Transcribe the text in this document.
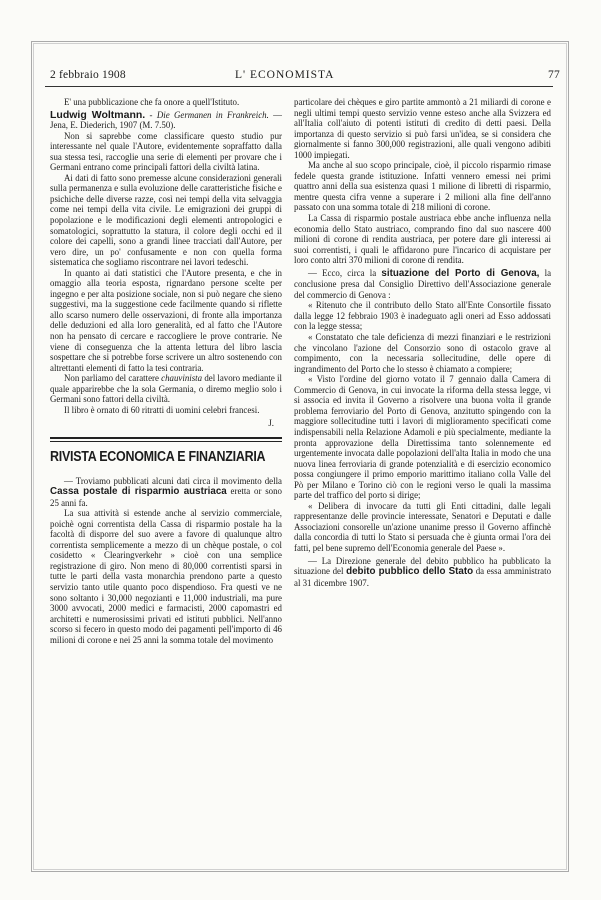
2 febbraio 1908	L' ECONOMISTA	77

E' una pubblicazione che fa onore a quell'Istituto.

Ludwig Woltmann. - Die Germanen in Frankreich. — Jena, E. Diederich, 1907 (M. 7.50).

Non si saprebbe come classificare questo studio pur interessante nel quale l'Autore, evidentemente sopraffatto dalla sua stessa tesi, raccoglie una serie di elementi per provare che i Germani entrano come principali fattori della civiltà latina.

Ai dati di fatto sono premesse alcune considerazioni generali sulla permanenza e sulla evoluzione delle caratteristiche fisiche e psichiche delle diverse razze, così nei tempi della vita selvaggia come nei tempi della vita civile. Le emigrazioni dei gruppi di popolazione e le modificazioni degli elementi antropologici e somatologici, soprattutto la statura, il colore degli occhi ed il colore dei capelli, sono a grandi linee tracciati dall'Autore, per vero dire, un po' confusamente e non con quella forma sistematica che sogliamo riscontrare nei lavori tedeschi.

In quanto ai dati statistici che l'Autore presenta, e che in omaggio alla teoria esposta, rignardano persone scelte per ingegno e per alta posizione sociale, non si può negare che sieno suggestivi, ma la suggestione cede facilmente quando si riflette allo scarso numero delle osservazioni, di fronte alla importanza delle deduzioni ed alla loro generalità, ed al fatto che l'Autore non ha pensato di cercare e raccogliere le prove contrarie. Ne viene di conseguenza che la attenta lettura del libro lascia sospettare che si potrebbe forse scrivere un altro sostenendo con altrettanti elementi di fatto la tesi contraria.

Non parliamo del carattere chauvinista del lavoro mediante il quale apparirebbe che la sola Germania, o diremo meglio solo i Germani sono fattori della civiltà.

Il libro è ornato di 60 ritratti di uomini celebri francesi.

J.

RIVISTA ECONOMICA E FINANZIARIA

— Troviamo pubblicati alcuni dati circa il movimento della Cassa postale di risparmio austriaca eretta or sono 25 anni fa.

La sua attività si estende anche al servizio commerciale, poichè ogni correntista della Cassa di risparmio postale ha la facoltà di disporre del suo avere a favore di qualunque altro correntista semplicemente a mezzo di un chèque postale, o col cosidetto « Clearingverkehr » cioè con una semplice registrazione di giro. Non meno di 80,000 correntisti sparsi in tutte le parti della vasta monarchia prendono parte a questo servizio tanto utile quanto poco dispendioso. Fra questi ve ne sono soltanto i 30,000 negozianti e 11,000 industriali, ma pure 3000 avvocati, 2000 medici e farmacisti, 2000 capomastri ed architetti e numerosissimi privati ed istituti pubblici. Nell'anno scorso si fecero in questo modo dei pagamenti pell'importo di 46 milioni di corone e nei 25 anni la somma totale del movimento

particolare dei chèques e giro partite ammontò a 21 miliardi di corone e negli ultimi tempi questo servizio venne esteso anche alla Svizzera ed all'Italia coll'aiuto di potenti istituti di credito di detti paesi. Della importanza di questo servizio si può farsi un'idea, se si considera che giornalmente si fanno 300,000 registrazioni, alle quali vengono adibiti 1000 impiegati.

Ma anche al suo scopo principale, cioè, il piccolo risparmio rimase fedele questa grande istituzione. Infatti vennero emessi nei primi quattro anni della sua esistenza quasi 1 milione di libretti di risparmio, mentre questa cifra venne a superare i 2 milioni alla fine dell'anno passato con una somma totale di 218 milioni di corone.

La Cassa di risparmio postale austriaca ebbe anche influenza nella economia dello Stato austriaco, comprando fino dal suo nascere 400 milioni di corone di rendita austriaca, per potere dare gli interessi ai suoi correntisti, i quali le affidarono pure l'incarico di acquistare per loro conto altri 370 milioni di corone di rendita.

— Ecco, circa la situazione del Porto di Genova, la conclusione presa dal Consiglio Direttivo dell'Associazione generale del commercio di Genova :

« Ritenuto che il contributo dello Stato all'Ente Consortile fissato dalla legge 12 febbraio 1903 è inadeguato agli oneri ad Esso addossati con la legge stessa;

« Constatato che tale deficienza di mezzi finanziari e le restrizioni che vincolano l'azione del Consorzio sono di ostacolo grave al compimento, con la necessaria sollecitudine, delle opere di ingrandimento del Porto che lo stesso è chiamato a compiere;

« Visto l'ordine del giorno votato il 7 gennaio dalla Camera di Commercio di Genova, in cui invocate la riforma della stessa legge, vi si associa ed invita il Governo a risolvere una buona volta il grande problema ferroviario del Porto di Genova, anzitutto spingendo con la maggiore sollecitudine tutti i lavori di miglioramento specificati come indispensabili nella Relazione Adamoli e più specialmente, mediante la pronta approvazione della Direttissima tanto solennemente ed urgentemente invocata dalle popolazioni dell'alta Italia in modo che una nuova linea ferroviaria di grande potenzialità e di esercizio economico possa congiungere il primo emporio marittimo italiano colla Valle del Pò per Milano e Torino ciò con le regioni verso le quali la massima parte del traffico del porto si dirige;

« Delibera di invocare da tutti gli Enti cittadini, dalle legali rappresentanze delle provincie interessate, Senatori e Deputati e dalle Associazioni consorelle un'azione unanime presso il Governo affinchè dalla concordia di tutti lo Stato si persuada che è giunta ormai l'ora dei fatti, pel bene supremo dell'Economia generale del Paese ».

— La Direzione generale del debito pubblico ha pubblicato la situazione del debito pubblico dello Stato da essa amministrato al 31 dicembre 1907.
